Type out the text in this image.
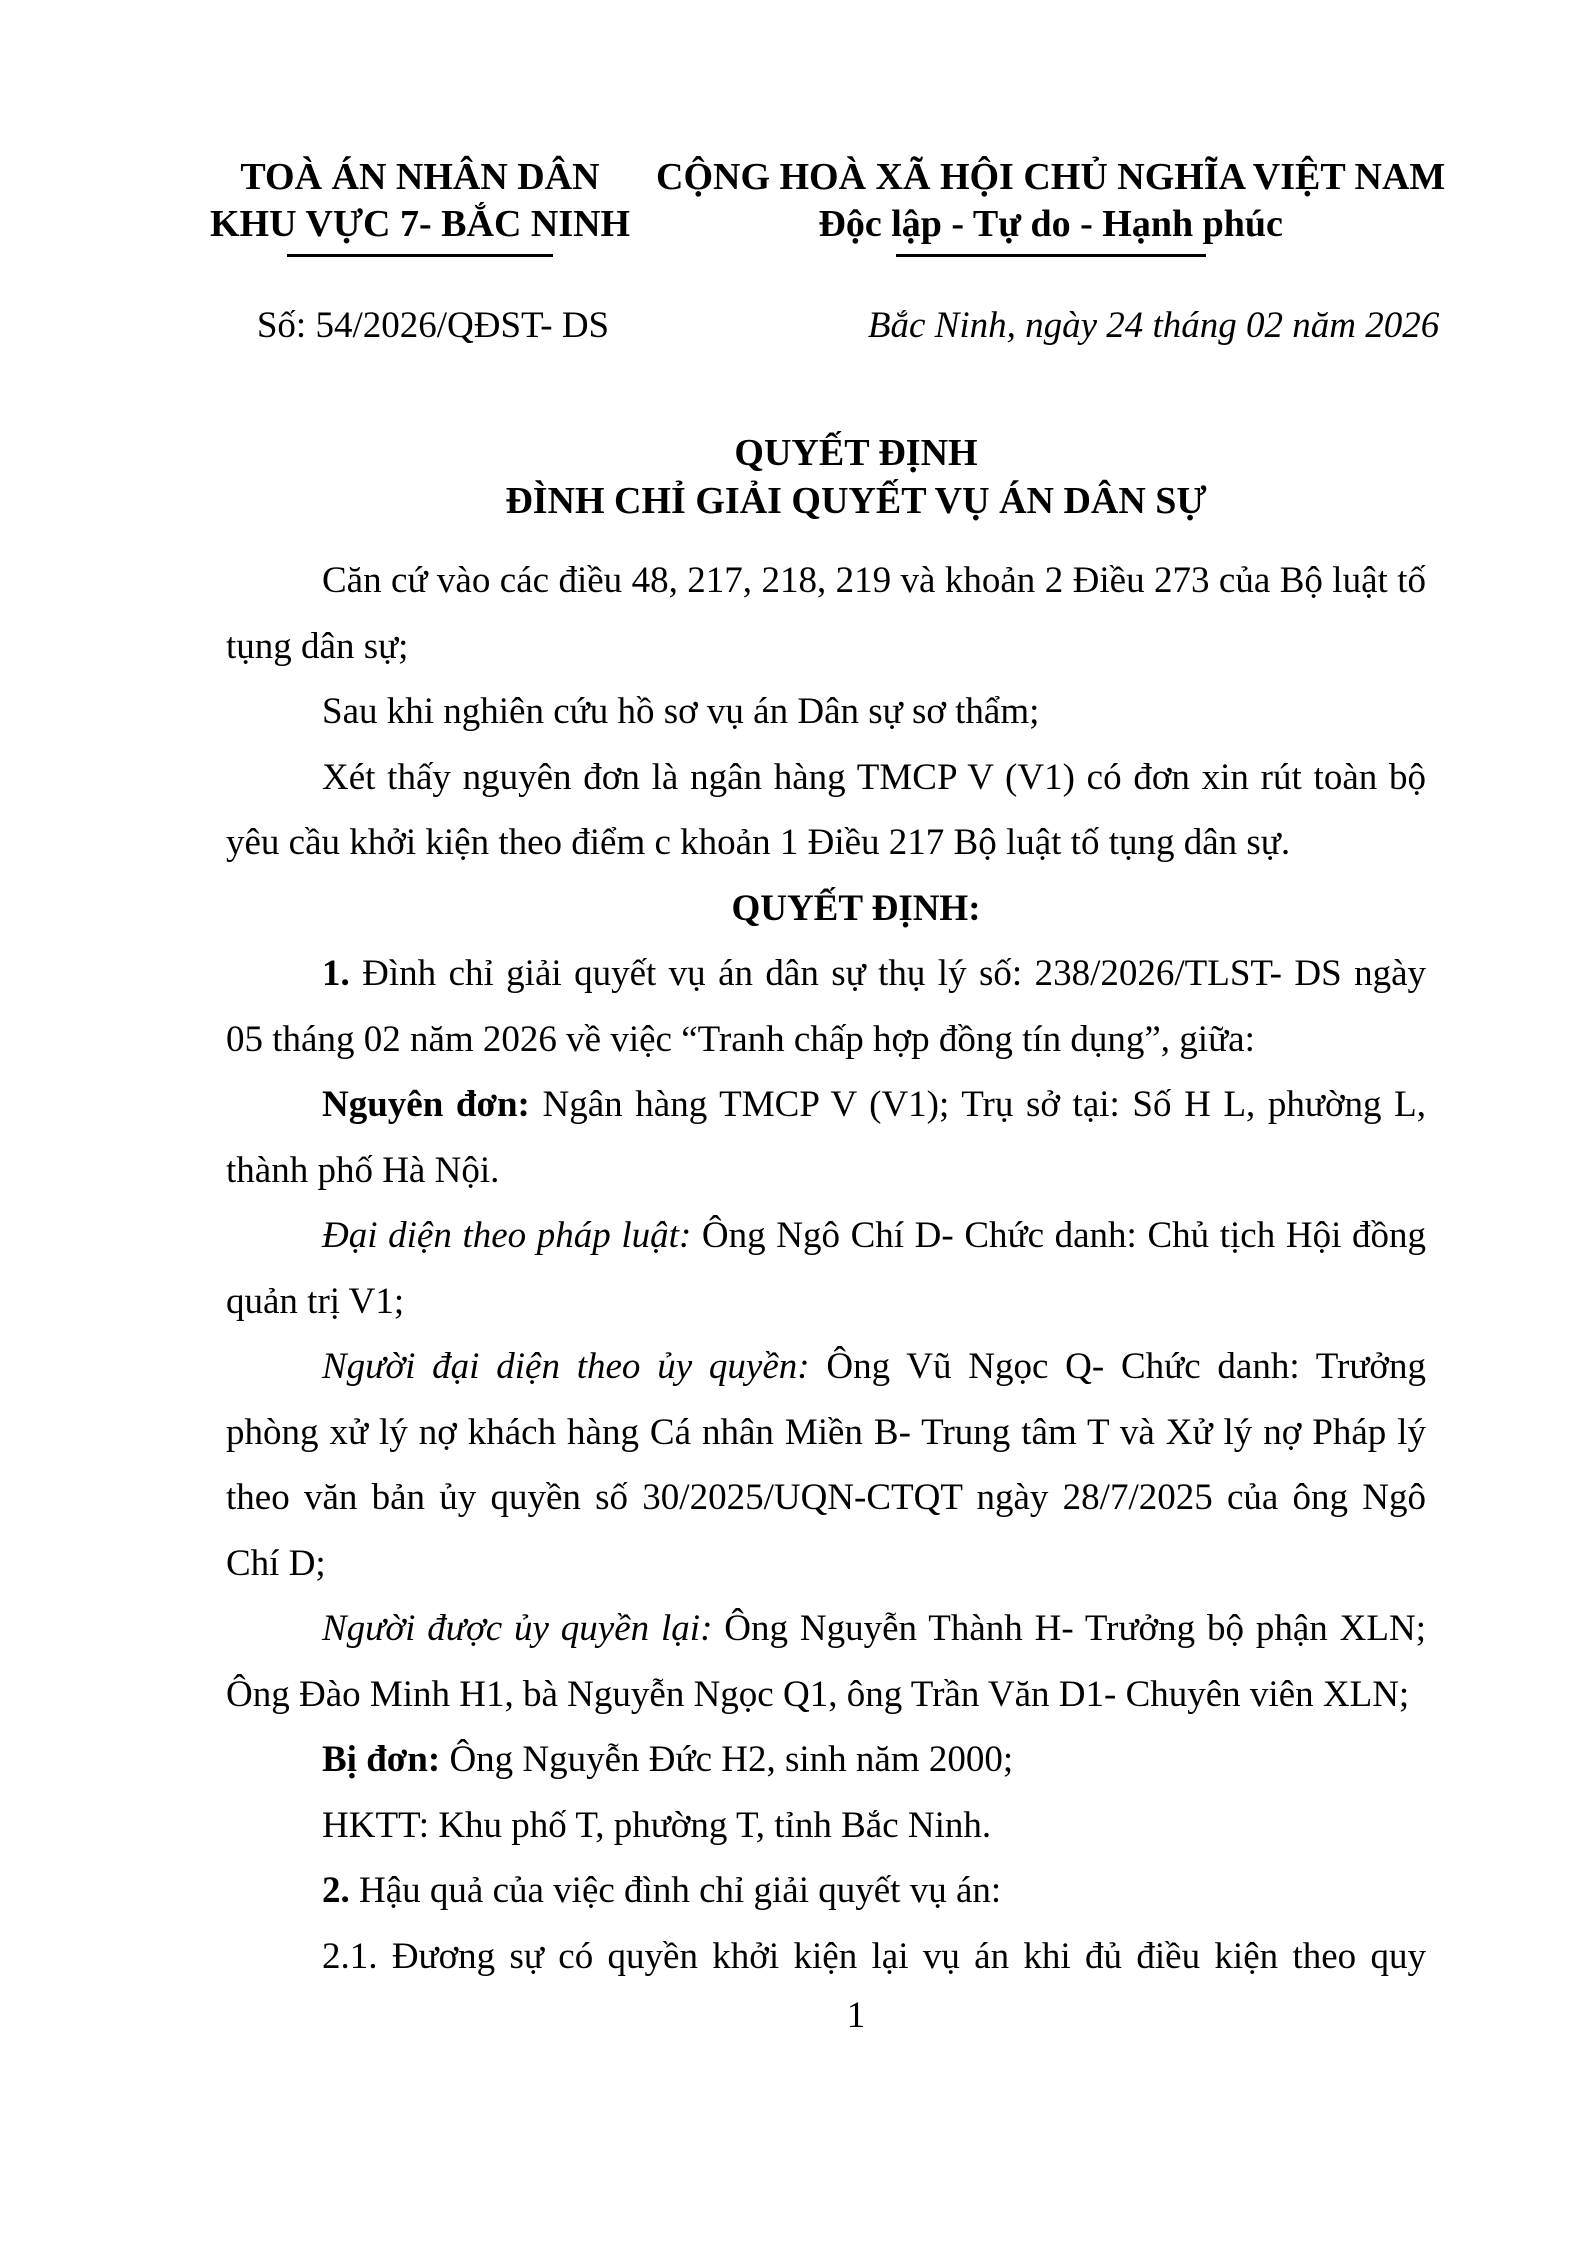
TOÀ ÁN NHÂN DÂN
KHU VỰC 7- BẮC NINH
Số: 54/2026/QĐST- DS
CỘNG HOÀ XÃ HỘI CHỦ NGHĨA VIỆT NAM
Độc lập - Tự do - Hạnh phúc
Bắc Ninh, ngày 24 tháng 02 năm 2026
QUYẾT ĐỊNH
ĐÌNH CHỈ GIẢI QUYẾT VỤ ÁN DÂN SỰ

Căn cứ vào các điều 48, 217, 218, 219 và khoản 2 Điều 273 của Bộ luật tố tụng dân sự;

Sau khi nghiên cứu hồ sơ vụ án Dân sự sơ thẩm;

Xét thấy nguyên đơn là ngân hàng TMCP V (V1) có đơn xin rút toàn bộ yêu cầu khởi kiện theo điểm c khoản 1 Điều 217 Bộ luật tố tụng dân sự.

QUYẾT ĐỊNH:

1. Đình chỉ giải quyết vụ án dân sự thụ lý số: 238/2026/TLST- DS ngày 05 tháng 02 năm 2026 về việc “Tranh chấp hợp đồng tín dụng”, giữa:

Nguyên đơn: Ngân hàng TMCP V (V1); Trụ sở tại: Số H L, phường L, thành phố Hà Nội.

Đại diện theo pháp luật: Ông Ngô Chí D- Chức danh: Chủ tịch Hội đồng quản trị V1;

Người đại diện theo ủy quyền: Ông Vũ Ngọc Q- Chức danh: Trưởng phòng xử lý nợ khách hàng Cá nhân Miền B- Trung tâm T và Xử lý nợ Pháp lý theo văn bản ủy quyền số 30/2025/UQN-CTQT ngày 28/7/2025 của ông Ngô Chí D;

Người được ủy quyền lại: Ông Nguyễn Thành H- Trưởng bộ phận XLN; Ông Đào Minh H1, bà Nguyễn Ngọc Q1, ông Trần Văn D1- Chuyên viên XLN;

Bị đơn: Ông Nguyễn Đức H2, sinh năm 2000;

HKTT: Khu phố T, phường T, tỉnh Bắc Ninh.

2. Hậu quả của việc đình chỉ giải quyết vụ án:

2.1. Đương sự có quyền khởi kiện lại vụ án khi đủ điều kiện theo quy

1
